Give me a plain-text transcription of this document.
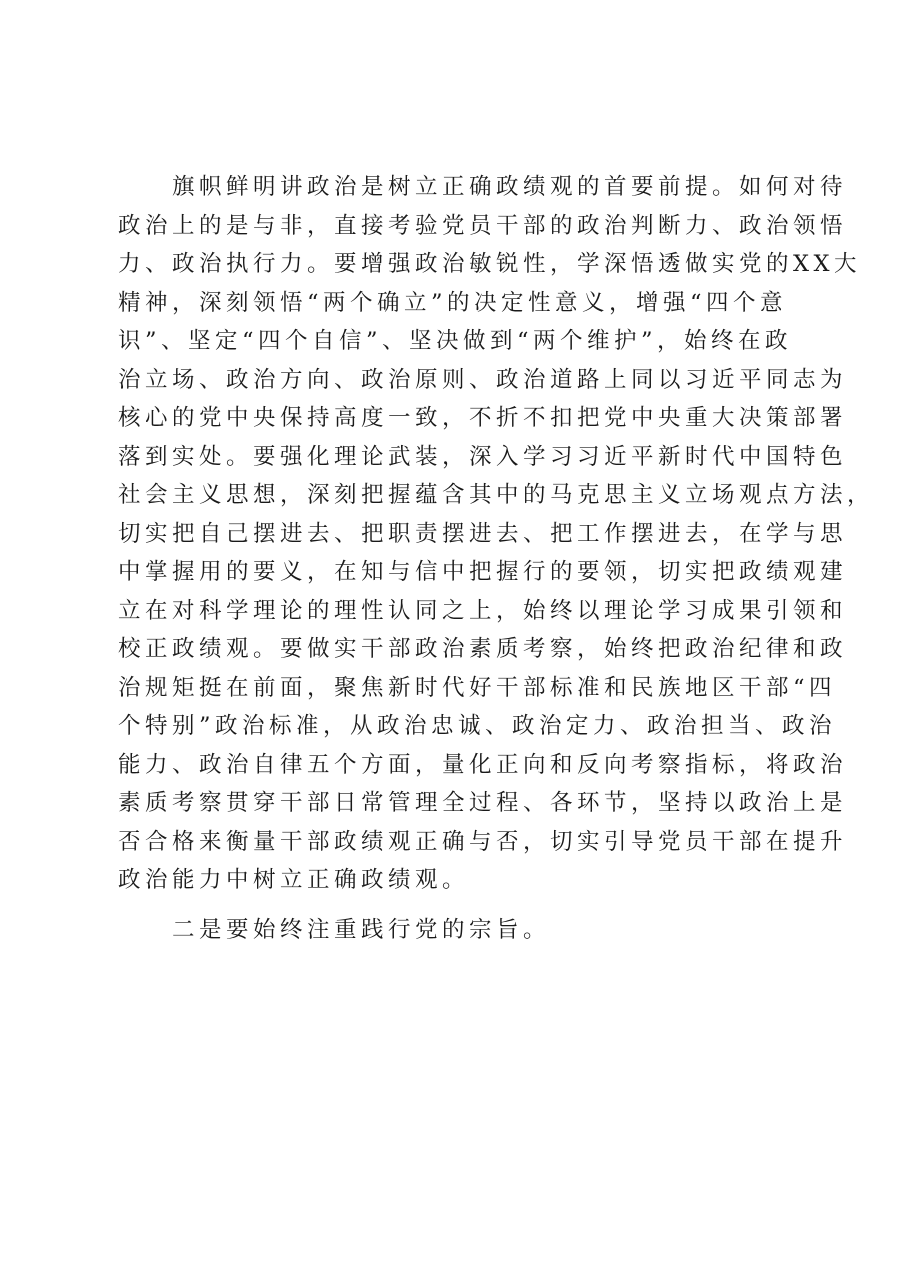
旗帜鲜明讲政治是树立正确政绩观的首要前提。如何对待
政治上的是与非，直接考验党员干部的政治判断力、政治领悟
力、政治执行力。要增强政治敏锐性，学深悟透做实党的XX大
精神，深刻领悟“两个确立”的决定性意义，增强“四个意
识”、坚定“四个自信”、坚决做到“两个维护”，始终在政
治立场、政治方向、政治原则、政治道路上同以习近平同志为
核心的党中央保持高度一致，不折不扣把党中央重大决策部署
落到实处。要强化理论武装，深入学习习近平新时代中国特色
社会主义思想，深刻把握蕴含其中的马克思主义立场观点方法，
切实把自己摆进去、把职责摆进去、把工作摆进去，在学与思
中掌握用的要义，在知与信中把握行的要领，切实把政绩观建
立在对科学理论的理性认同之上，始终以理论学习成果引领和
校正政绩观。要做实干部政治素质考察，始终把政治纪律和政
治规矩挺在前面，聚焦新时代好干部标准和民族地区干部“四
个特别”政治标准，从政治忠诚、政治定力、政治担当、政治
能力、政治自律五个方面，量化正向和反向考察指标，将政治
素质考察贯穿干部日常管理全过程、各环节，坚持以政治上是
否合格来衡量干部政绩观正确与否，切实引导党员干部在提升
政治能力中树立正确政绩观。
二是要始终注重践行党的宗旨。
